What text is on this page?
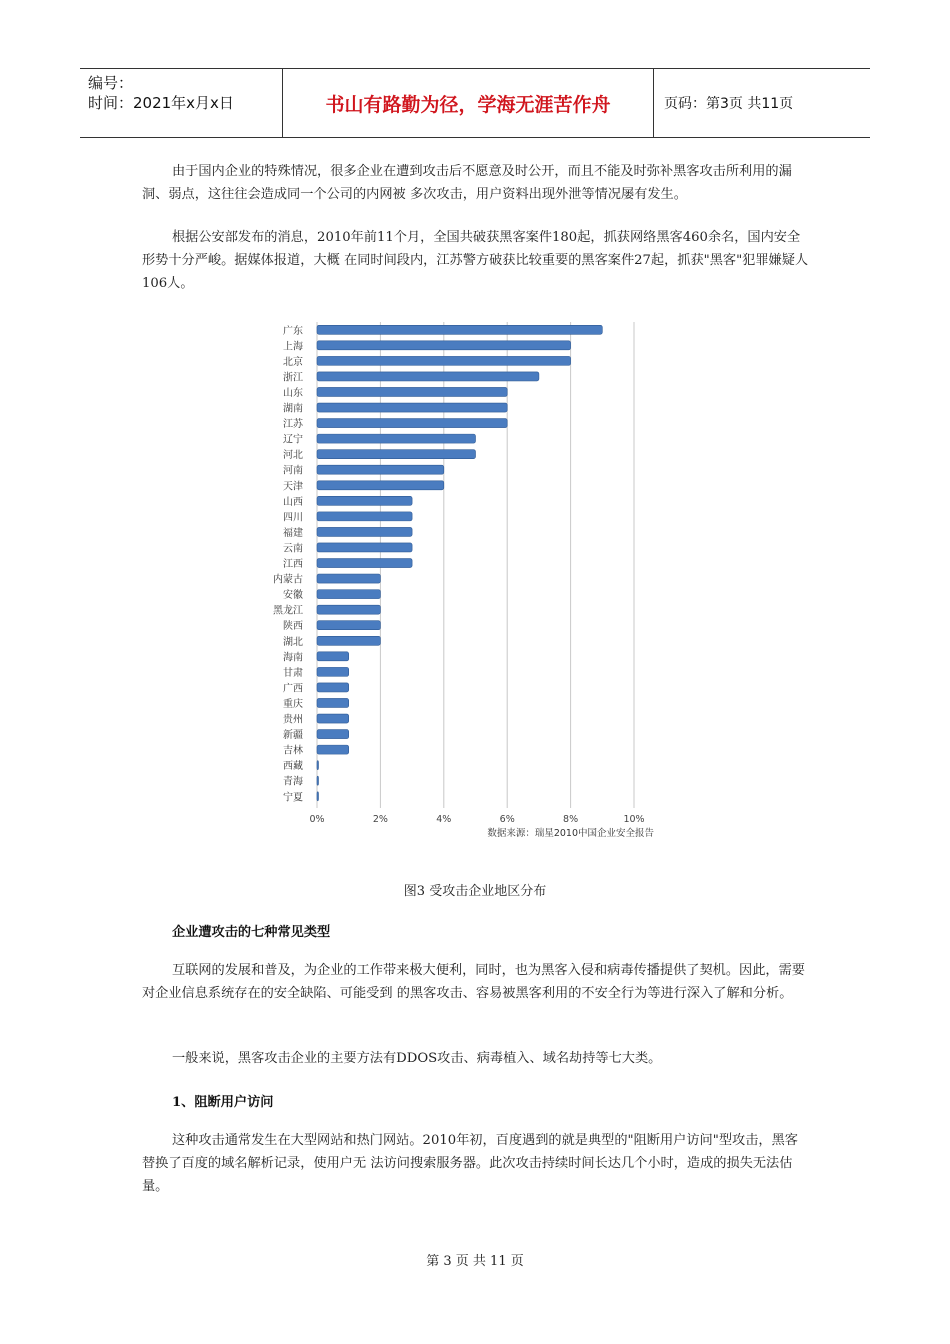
编号：
时间：2021年x月x日	书山有路勤为径，学海无涯苦作舟	页码：第3页 共11页

由于国内企业的特殊情况，很多企业在遭到攻击后不愿意及时公开，而且不能及时弥补黑客攻击所利用的漏洞、弱点，这往往会造成同一个公司的内网被 多次攻击，用户资料出现外泄等情况屡有发生。

根据公安部发布的消息，2010年前11个月，全国共破获黑客案件180起，抓获网络黑客460余名，国内安全形势十分严峻。据媒体报道，大概 在同时间段内，江苏警方破获比较重要的黑客案件27起，抓获"黑客"犯罪嫌疑人106人。

广东
上海
北京
浙江
山东
湖南
江苏
辽宁
河北
河南
天津
山西
四川
福建
云南
江西
内蒙古
安徽
黑龙江
陕西
湖北
海南
甘肃
广西
重庆
贵州
新疆
吉林
西藏
青海
宁夏
0%	2%	4%	6%	8%	10%
数据来源：瑞星2010中国企业安全报告
图3 受攻击企业地区分布

企业遭攻击的七种常见类型

互联网的发展和普及，为企业的工作带来极大便利，同时，也为黑客入侵和病毒传播提供了契机。因此，需要对企业信息系统存在的安全缺陷、可能受到 的黑客攻击、容易被黑客利用的不安全行为等进行深入了解和分析。

一般来说，黑客攻击企业的主要方法有DDOS攻击、病毒植入、域名劫持等七大类。

1、阻断用户访问

这种攻击通常发生在大型网站和热门网站。2010年初，百度遇到的就是典型的"阻断用户访问"型攻击，黑客替换了百度的域名解析记录，使用户无 法访问搜索服务器。此次攻击持续时间长达几个小时，造成的损失无法估量。

第 3 页 共 11 页
